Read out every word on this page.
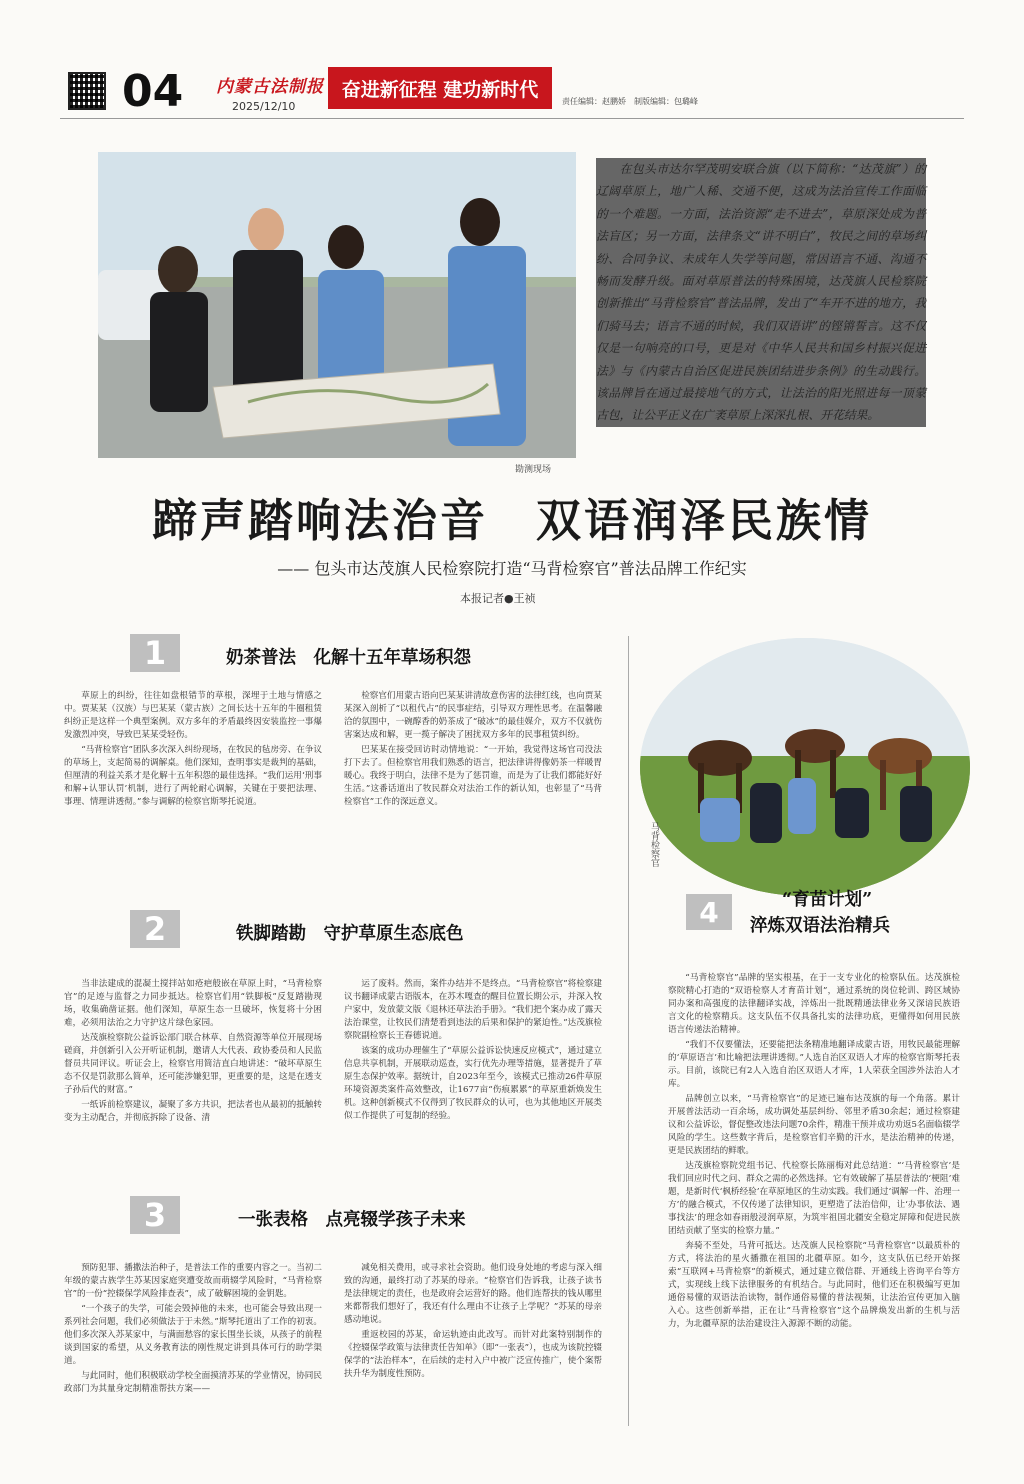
04 内蒙古法制报
2025/12/10
奋进新征程 建功新时代
责任编辑：赵鹏娇　制版编辑：包璐峰
勘测现场

在包头市达尔罕茂明安联合旗（以下简称：“达茂旗”）的辽阔草原上，地广人稀、交通不便，这成为法治宣传工作面临的一个难题。一方面，法治资源“走不进去”，草原深处成为普法盲区；另一方面，法律条文“讲不明白”，牧民之间的草场纠纷、合同争议、未成年人失学等问题，常因语言不通、沟通不畅而发酵升级。面对草原普法的特殊困境，达茂旗人民检察院创新推出“马背检察官”普法品牌，发出了“车开不进的地方，我们骑马去；语言不通的时候，我们双语讲”的铿锵誓言。这不仅仅是一句响亮的口号，更是对《中华人民共和国乡村振兴促进法》与《内蒙古自治区促进民族团结进步条例》的生动践行。该品牌旨在通过最接地气的方式，让法治的阳光照进每一顶蒙古包，让公平正义在广袤草原上深深扎根、开花结果。

蹄声踏响法治音　双语润泽民族情
—— 包头市达茂旗人民检察院打造“马背检察官”普法品牌工作纪实
本报记者●王祯
1	奶茶普法　化解十五年草场积怨

草原上的纠纷，往往如盘根错节的草根，深埋于土地与情感之中。贾某某（汉族）与巴某某（蒙古族）之间长达十五年的牛圈租赁纠纷正是这样一个典型案例。双方多年的矛盾最终因安装监控一事爆发激烈冲突，导致巴某某受轻伤。

“马背检察官”团队多次深入纠纷现场，在牧民的毡房旁、在争议的草场上，支起简易的调解桌。他们深知，查明事实是裁判的基础，但厘清的利益关系才是化解十五年积怨的最佳选择。“我们运用‘刑事和解+认罪认罚’机制，进行了两轮耐心调解，关键在于要把法理、事理、情理讲透彻。”参与调解的检察官斯琴托说道。

检察官们用蒙古语向巴某某讲清故意伤害的法律红线，也向贾某某深入剖析了“以租代占”的民事症结，引导双方理性思考。在温馨融洽的氛围中，一碗醇香的奶茶成了“破冰”的最佳媒介，双方不仅就伤害案达成和解，更一揽子解决了困扰双方多年的民事租赁纠纷。

巴某某在接受回访时动情地说：“一开始，我觉得这场官司没法打下去了。但检察官用我们熟悉的语言，把法律讲得像奶茶一样暖胃暖心。我终于明白，法律不是为了惩罚谁，而是为了让我们都能好好生活。”这番话道出了牧民群众对法治工作的新认知，也彰显了“马背检察官”工作的深远意义。

2	铁脚踏勘　守护草原生态底色

当非法建成的混凝土搅拌站如疮疤般嵌在草原上时，“马背检察官”的足迹与监督之力同步抵达。检察官们用“铁脚板”反复踏勘现场，收集确凿证据。他们深知，草原生态一旦破坏，恢复将十分困难，必须用法治之力守护这片绿色家园。

达茂旗检察院公益诉讼部门联合林草、自然资源等单位开展现场磋商，并创新引入公开听证机制，邀请人大代表、政协委员和人民监督员共同评议。听证会上，检察官用简洁直白地讲述：“破坏草原生态不仅是罚款那么简单，还可能涉嫌犯罪，更重要的是，这是在透支子孙后代的财富。”

一纸诉前检察建议，凝聚了多方共识，把法者也从最初的抵触转变为主动配合，并彻底拆除了设备、清

运了废料。然而，案件办结并不是终点。“马背检察官”将检察建议书翻译成蒙古语版本，在苏木嘎查的醒目位置长期公示，并深入牧户家中，发放蒙文版《退林还草法治手册》。“我们把个案办成了露天法治课堂，让牧民们清楚看到违法的后果和保护的紧迫性。”达茂旗检察院副检察长王春德说道。

该案的成功办理催生了“草原公益诉讼快速反应模式”，通过建立信息共享机制，开展联动巡查，实行优先办理等措施，显著提升了草原生态保护效率。据统计，自2023年至今，该模式已推动26件草原环境资源类案件高效整改，让1677亩“伤痕累累”的草原重新焕发生机。这种创新模式不仅得到了牧民群众的认可，也为其他地区开展类似工作提供了可复制的经验。

3	一张表格　点亮辍学孩子未来

预防犯罪、播撒法治种子，是普法工作的重要内容之一。当初二年级的蒙古族学生苏某因家庭突遭变故而萌辍学风险时，“马背检察官”的一份“控辍保学风险排查表”，成了破解困境的金钥匙。

“一个孩子的失学，可能会毁掉他的未来，也可能会导致出现一系列社会问题，我们必须做法于于未然。”斯琴托道出了工作的初衷。他们多次深入苏某家中，与满面愁容的家长围坐长谈，从孩子的前程谈到国家的希望，从义务教育法的刚性规定讲到具体可行的助学渠道。

与此同时，他们积极联动学校全面摸清苏某的学业情况，协同民政部门为其量身定制精准帮扶方案——

减免相关费用，或寻求社会资助。他们设身处地的考虑与深入细致的沟通，最终打动了苏某的母亲。“检察官们告诉我，让孩子读书是法律规定的责任，也是政府会运营好的路。他们连帮扶的钱从哪里来都帮我们想好了，我还有什么理由不让孩子上学呢？”苏某的母亲感动地说。

重返校园的苏某，命运轨迹由此改写。而针对此案特别制作的《控辍保学政策与法律责任告知单》（即“一张表”），也成为该院控辍保学的“法治样本”，在后续的走村入户中被广泛宣传推广，使个案帮扶升华为制度性预防。

马背检察官
4	“育苗计划”
淬炼双语法治精兵

“马背检察官”品牌的坚实根基，在于一支专业化的检察队伍。达茂旗检察院精心打造的“双语检察人才育苗计划”，通过系统的岗位轮训、跨区域协同办案和高强度的法律翻译实战，淬炼出一批既精通法律业务又深谙民族语言文化的检察精兵。这支队伍不仅具备扎实的法律功底，更懂得如何用民族语言传递法治精神。

“我们不仅要懂法，还要能把法条精准地翻译成蒙古语，用牧民最能理解的‘草原语言’和比喻把法理讲透彻。”人选自治区双语人才库的检察官斯琴托表示。目前，该院已有2人入选自治区双语人才库，1人荣获全国涉外法治人才库。

品牌创立以来，“马背检察官”的足迹已遍布达茂旗的每一个角落。累计开展普法活动一百余场，成功调处基层纠纷、邻里矛盾30余起；通过检察建议和公益诉讼，督促整改违法问题70余件，精准干预并成功劝返5名面临辍学风险的学生。这些数字背后，是检察官们辛勤的汗水，是法治精神的传递，更是民族团结的鲜歌。

达茂旗检察院党组书记、代检察长陈丽梅对此总结道：“‘马背检察官’是我们回应时代之问、群众之需的必然选择。它有效破解了基层普法的‘梗阻’难题，是新时代‘枫桥经验’在草原地区的生动实践。我们通过‘调解一件、治理一方’的融合模式，不仅传递了法律知识，更塑造了法治信仰，让‘办事依法、遇事找法’的理念如春雨般浸润草原，为筑牢祖国北疆安全稳定屏障和促进民族团结贡献了坚实的检察力量。”

奔骑不至处，马背可抵达。达茂旗人民检察院“马背检察官”以最质朴的方式，将法治的星火播撒在祖国的北疆草原。如今，这支队伍已经开始探索“互联网+马背检察”的新模式，通过建立微信群、开通线上咨询平台等方式，实现线上线下法律服务的有机结合。与此同时，他们还在积极编写更加通俗易懂的双语法治读物，制作通俗易懂的普法视频，让法治宣传更加入脑入心。这些创新举措，正在让“马背检察官”这个品牌焕发出新的生机与活力，为北疆草原的法治建设注入源源不断的动能。
